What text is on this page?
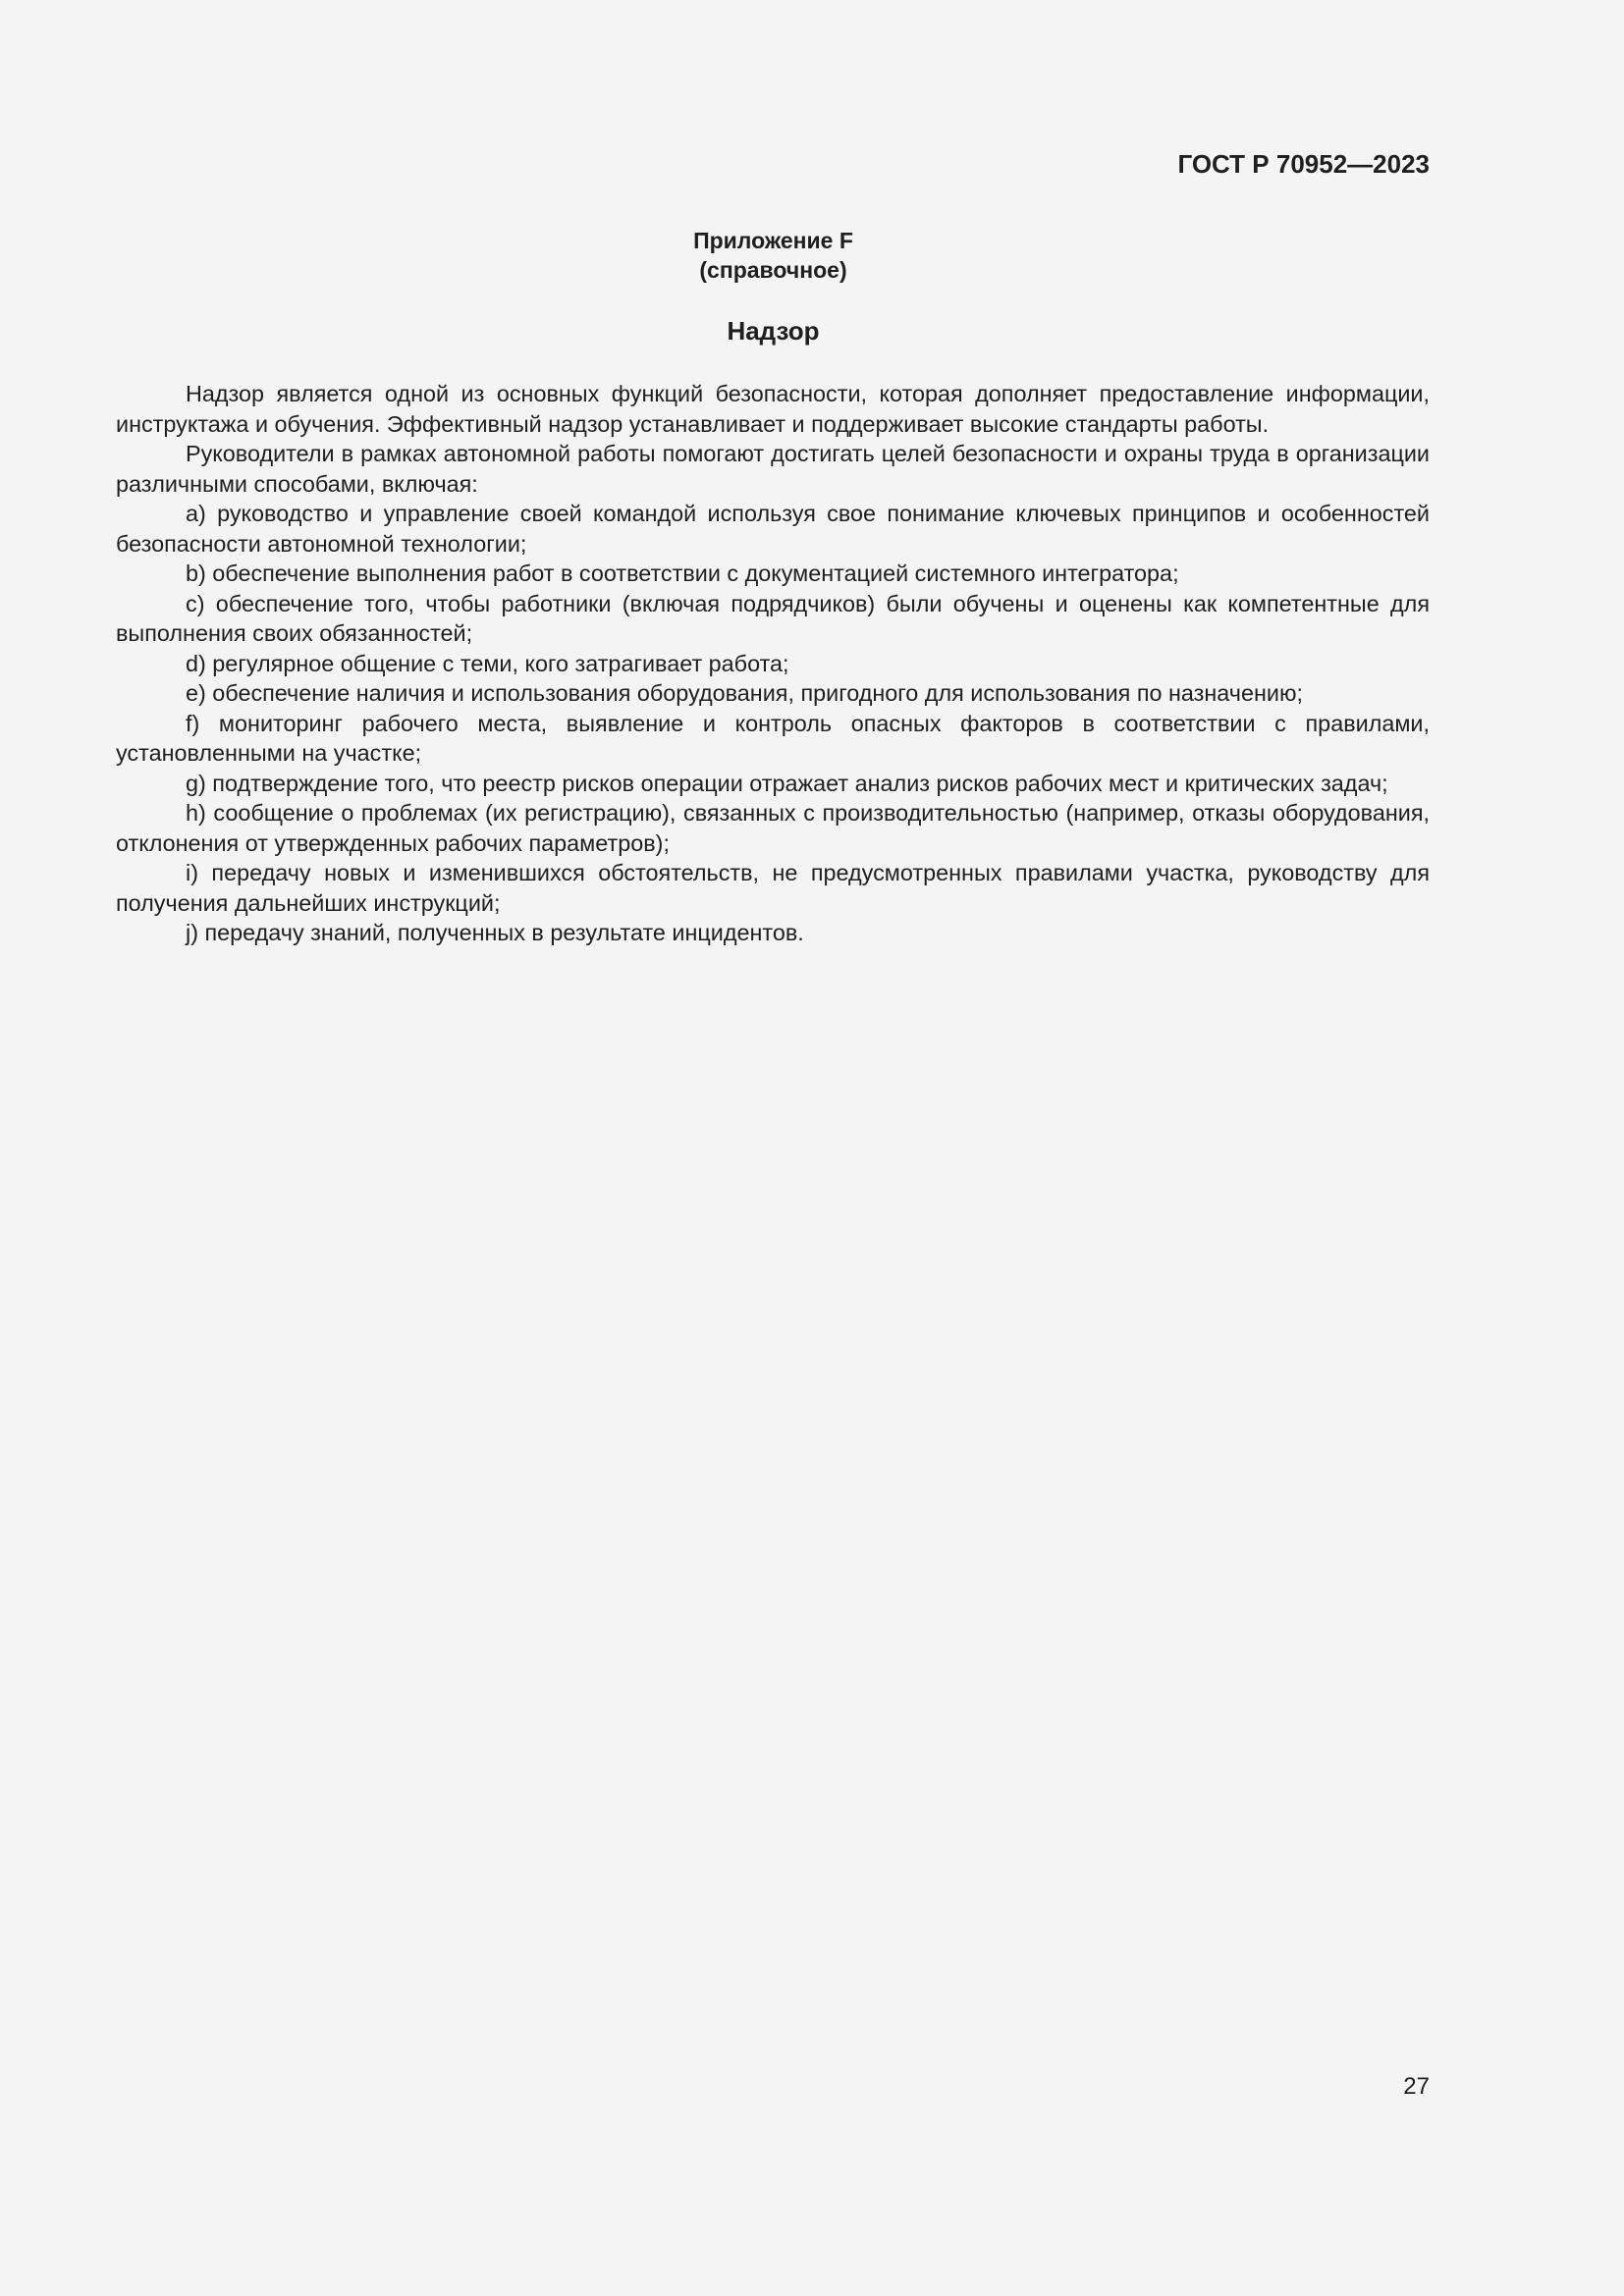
ГОСТ Р 70952—2023

Приложение F

(справочное)

Надзор

Надзор является одной из основных функций безопасности, которая дополняет предоставление информации, инструктажа и обучения. Эффективный надзор устанавливает и поддерживает высокие стандарты работы.

Руководители в рамках автономной работы помогают достигать целей безопасности и охраны труда в организации различными способами, включая:

a) руководство и управление своей командой используя свое понимание ключевых принципов и особенностей безопасности автономной технологии;

b) обеспечение выполнения работ в соответствии с документацией системного интегратора;

c) обеспечение того, чтобы работники (включая подрядчиков) были обучены и оценены как компетентные для выполнения своих обязанностей;

d) регулярное общение с теми, кого затрагивает работа;

e) обеспечение наличия и использования оборудования, пригодного для использования по назначению;

f) мониторинг рабочего места, выявление и контроль опасных факторов в соответствии с правилами, установленными на участке;

g) подтверждение того, что реестр рисков операции отражает анализ рисков рабочих мест и критических задач;

h) сообщение о проблемах (их регистрацию), связанных с производительностью (например, отказы оборудования, отклонения от утвержденных рабочих параметров);

i) передачу новых и изменившихся обстоятельств, не предусмотренных правилами участка, руководству для получения дальнейших инструкций;

j) передачу знаний, полученных в результате инцидентов.

27
